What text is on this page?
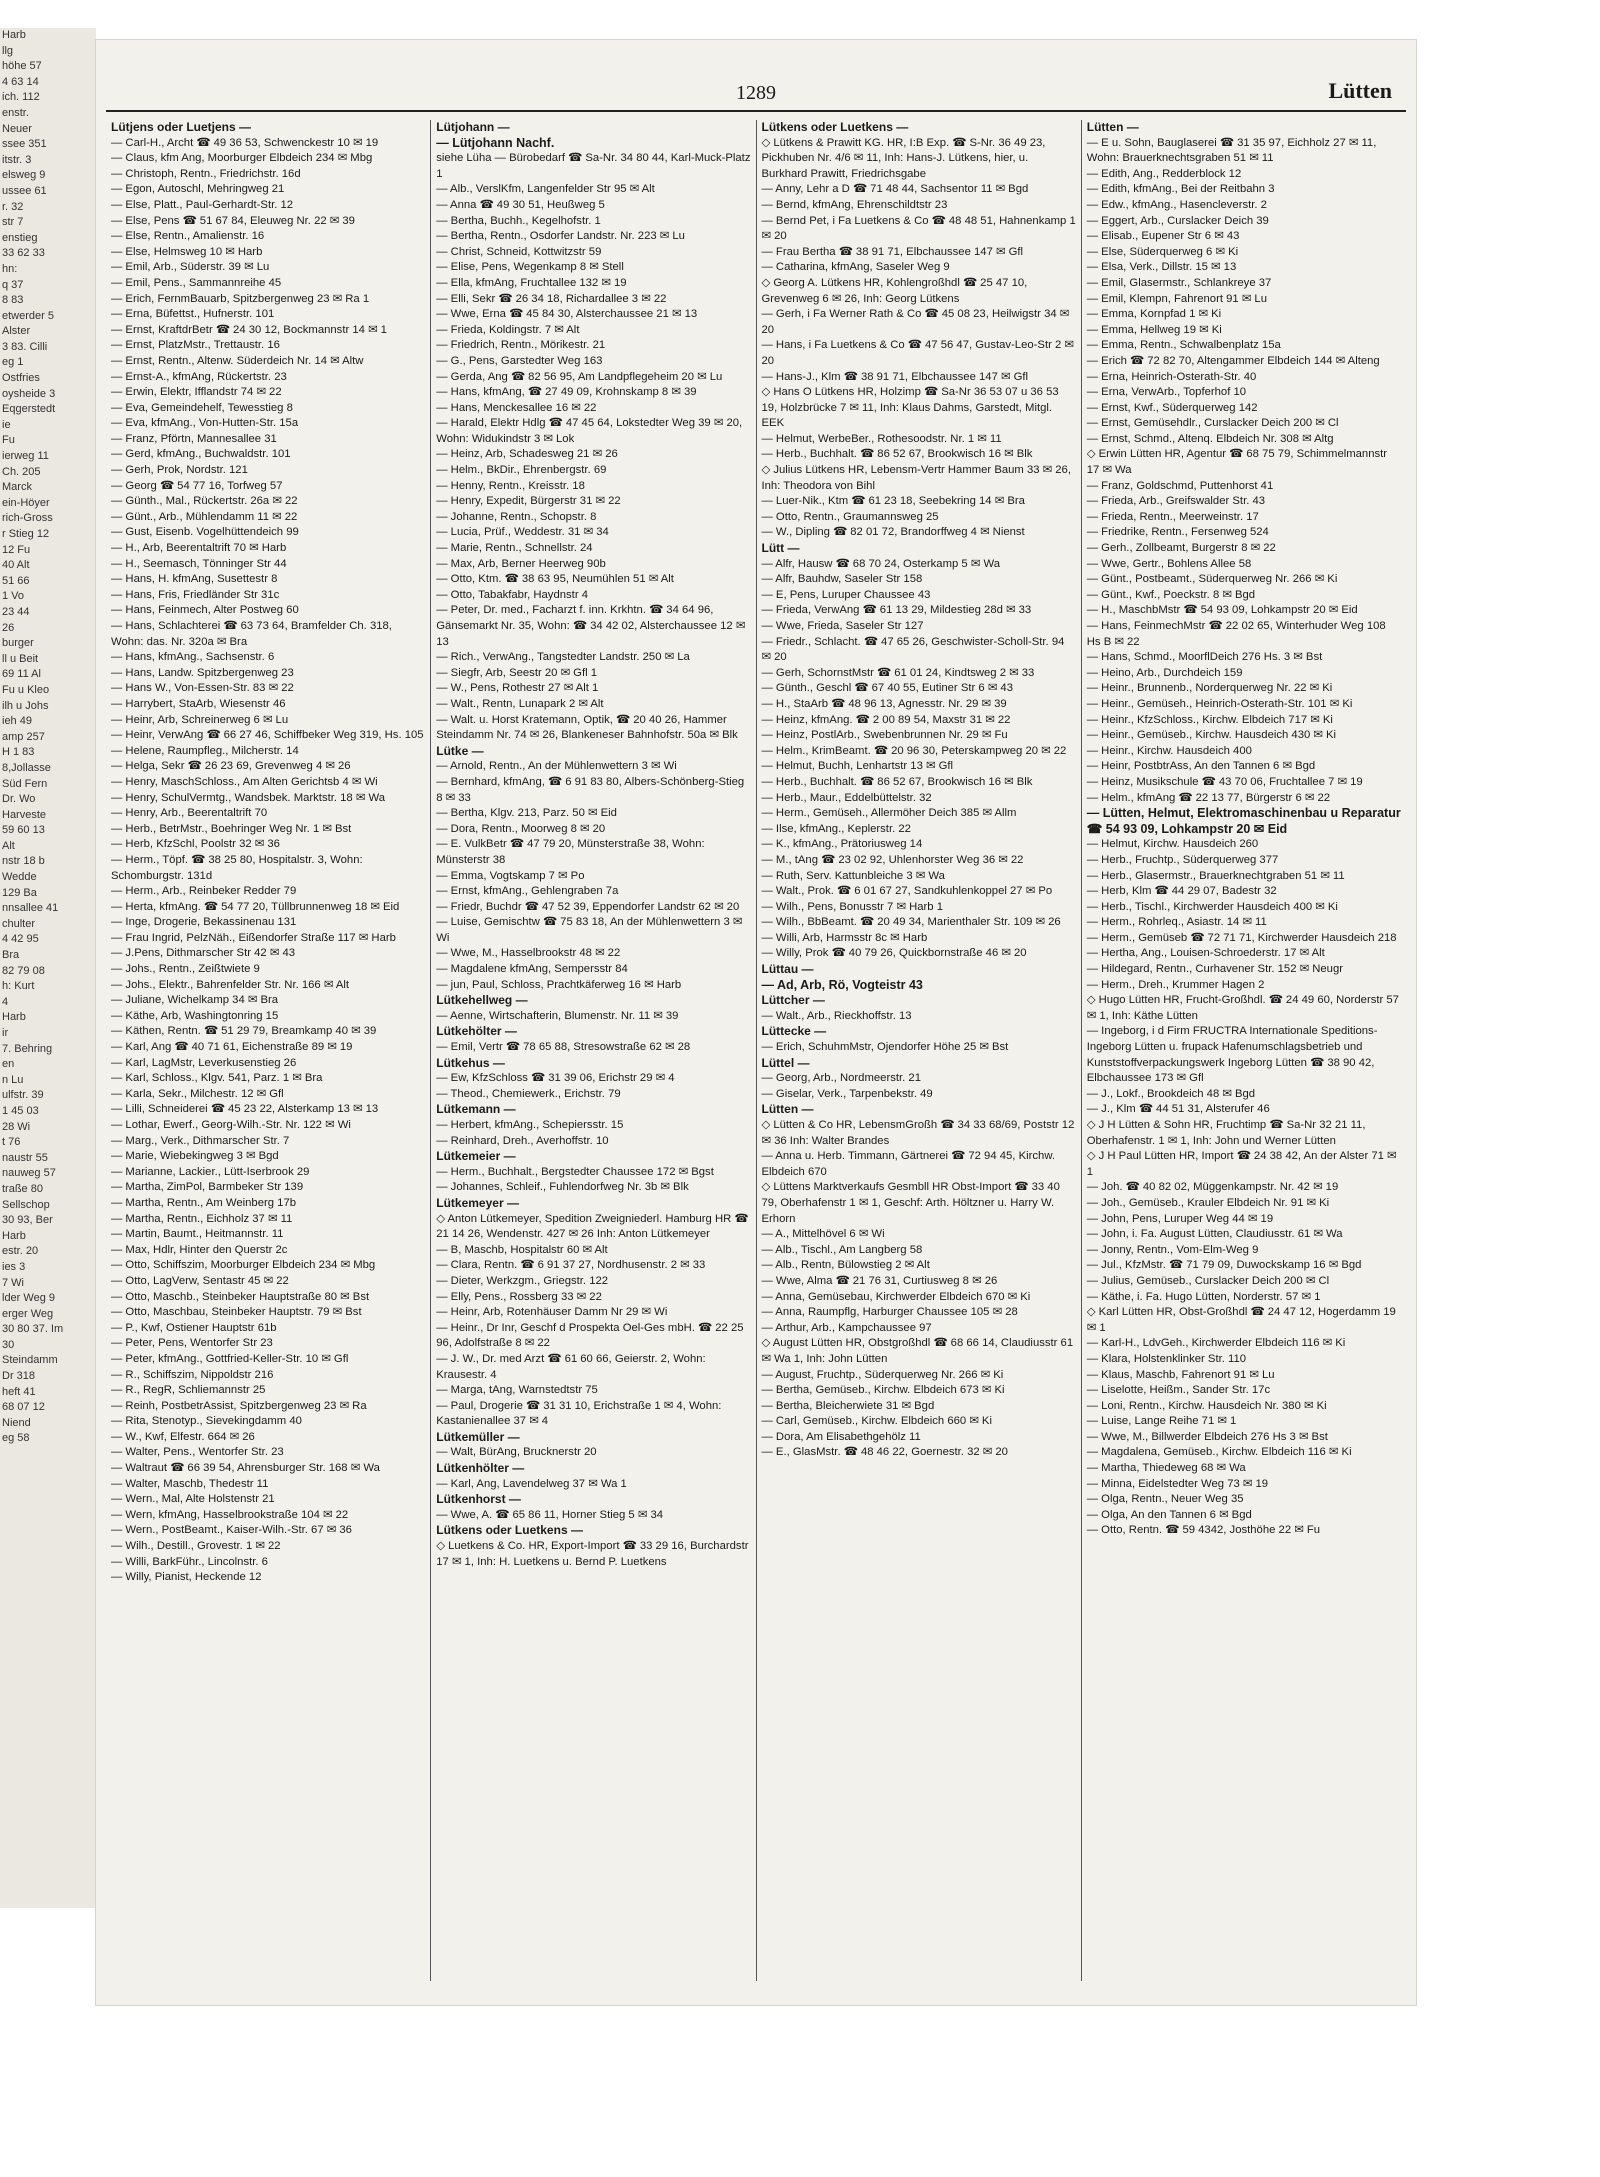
Harb
llg
höhe 57
4 63 14
ich. 112
enstr.
Neuer
ssee 351
itstr. 3
elsweg 9
ussee 61
r. 32
str 7
enstieg
33 62 33
hn:
q 37
8 83
etwerder 5
Alster
3 83. Cilli
eg 1
Ostfries
oysheide 3
Eqgerstedt
ie
Fu
ierweg 11
Ch. 205
Marck
ein-Höyer
rich-Gross
r Stieg 12
12 Fu
40 Alt
51 66
1 Vo
23 44
26
burger
ll u Beit
69 11 Al
Fu u Kleo
ilh u Johs
ieh 49
amp 257
H 1 83
8,Jollasse
Süd Fern
Dr. Wo
Harveste
59 60 13
Alt
nstr 18 b
Wedde
129 Ba
nnsallee 41
chulter
4 42 95
Bra
82 79 08
h: Kurt
4
Harb
ir
7. Behring
en
n Lu
ulfstr. 39
1 45 03
28 Wi
t 76
naustr 55
nauweg 57
traße 80
Sellschop
30 93, Ber
Harb
estr. 20
ies 3
7 Wi
lder Weg 9
erger Weg
30 80 37. Im
30
Steindamm
Dr 318
heft 41
68 07 12
Niend
eg 58
1289	Lütten
Lütjens oder Luetjens —
— Carl-H., Archt ☎ 49 36 53, Schwenckestr 10 ✉ 19
— Claus, kfm Ang, Moorburger Elbdeich 234 ✉ Mbg
— Christoph, Rentn., Friedrichstr. 16d
— Egon, Autoschl, Mehringweg 21
— Else, Platt., Paul-Gerhardt-Str. 12
— Else, Pens ☎ 51 67 84, Eleuweg Nr. 22 ✉ 39
— Else, Rentn., Amalienstr. 16
— Else, Helmsweg 10 ✉ Harb
— Emil, Arb., Süderstr. 39 ✉ Lu
— Emil, Pens., Sammannreihe 45
— Erich, FernmBauarb, Spitzbergenweg 23 ✉ Ra 1
— Erna, Büfettst., Hufnerstr. 101
— Ernst, KraftdrBetr ☎ 24 30 12, Bockmannstr 14 ✉ 1
— Ernst, PlatzMstr., Trettaustr. 16
— Ernst, Rentn., Altenw. Süderdeich Nr. 14 ✉ Altw
— Ernst-A., kfmAng, Rückertstr. 23
— Erwin, Elektr, Ifflandstr 74 ✉ 22
— Eva, Gemeindehelf, Tewesstieg 8
— Eva, kfmAng., Von-Hutten-Str. 15a
— Franz, Pförtn, Mannesallee 31
— Gerd, kfmAng., Buchwaldstr. 101
— Gerh, Prok, Nordstr. 121
— Georg ☎ 54 77 16, Torfweg 57
— Günth., Mal., Rückertstr. 26a ✉ 22
— Günt., Arb., Mühlendamm 11 ✉ 22
— Gust, Eisenb. Vogelhüttendeich 99
— H., Arb, Beerentaltrift 70 ✉ Harb
— H., Seemasch, Tönninger Str 44
— Hans, H. kfmAng, Susettestr 8
— Hans, Fris, Friedländer Str 31c
— Hans, Feinmech, Alter Postweg 60
— Hans, Schlachterei ☎ 63 73 64, Bramfelder Ch. 318, Wohn: das. Nr. 320a ✉ Bra
— Hans, kfmAng., Sachsenstr. 6
— Hans, Landw. Spitzbergenweg 23
— Hans W., Von-Essen-Str. 83 ✉ 22
— Harrybert, StaArb, Wiesenstr 46
— Heinr, Arb, Schreinerweg 6 ✉ Lu
— Heinr, VerwAng ☎ 66 27 46, Schiffbeker Weg 319, Hs. 105
— Helene, Raumpfleg., Milcherstr. 14
— Helga, Sekr ☎ 26 23 69, Grevenweg 4 ✉ 26
— Henry, MaschSchloss., Am Alten Gerichtsb 4 ✉ Wi
— Henry, SchulVermtg., Wandsbek. Marktstr. 18 ✉ Wa
— Henry, Arb., Beerentaltrift 70
— Herb., BetrMstr., Boehringer Weg Nr. 1 ✉ Bst
— Herb, KfzSchl, Poolstr 32 ✉ 36
— Herm., Töpf. ☎ 38 25 80, Hospitalstr. 3, Wohn: Schomburgstr. 131d
— Herm., Arb., Reinbeker Redder 79
— Herta, kfmAng. ☎ 54 77 20, Tüllbrunnenweg 18 ✉ Eid
— Inge, Drogerie, Bekassinenau 131
— Frau Ingrid, PelzNäh., Eißendorfer Straße 117 ✉ Harb
— J.Pens, Dithmarscher Str 42 ✉ 43
— Johs., Rentn., Zeißtwiete 9
— Johs., Elektr., Bahrenfelder Str. Nr. 166 ✉ Alt
— Juliane, Wichelkamp 34 ✉ Bra
— Käthe, Arb, Washingtonring 15
— Käthen, Rentn. ☎ 51 29 79, Breamkamp 40 ✉ 39
— Karl, Ang ☎ 40 71 61, Eichenstraße 89 ✉ 19
— Karl, LagMstr, Leverkusenstieg 26
— Karl, Schloss., Klgv. 541, Parz. 1 ✉ Bra
— Karla, Sekr., Milchestr. 12 ✉ Gfl
— Lilli, Schneiderei ☎ 45 23 22, Alsterkamp 13 ✉ 13
— Lothar, Ewerf., Georg-Wilh.-Str. Nr. 122 ✉ Wi
— Marg., Verk., Dithmarscher Str. 7
— Marie, Wiebekingweg 3 ✉ Bgd
— Marianne, Lackier., Lütt-Iserbrook 29
— Martha, ZimPol, Barmbeker Str 139
— Martha, Rentn., Am Weinberg 17b
— Martha, Rentn., Eichholz 37 ✉ 11
— Martin, Baumt., Heitmannstr. 11
— Max, Hdlr, Hinter den Querstr 2c
— Otto, Schiffszim, Moorburger Elbdeich 234 ✉ Mbg
— Otto, LagVerw, Sentastr 45 ✉ 22
— Otto, Maschb., Steinbeker Hauptstraße 80 ✉ Bst
— Otto, Maschbau, Steinbeker Hauptstr. 79 ✉ Bst
— P., Kwf, Ostiener Hauptstr 61b
— Peter, Pens, Wentorfer Str 23
— Peter, kfmAng., Gottfried-Keller-Str. 10 ✉ Gfl
— R., Schiffszim, Nippoldstr 216
— R., RegR, Schliemannstr 25
— Reinh, PostbetrAssist, Spitzbergenweg 23 ✉ Ra
— Rita, Stenotyp., Sievekingdamm 40
— W., Kwf, Elfestr. 664 ✉ 26
— Walter, Pens., Wentorfer Str. 23
— Waltraut ☎ 66 39 54, Ahrensburger Str. 168 ✉ Wa
— Walter, Maschb, Thedestr 11
— Wern., Mal, Alte Holstenstr 21
— Wern, kfmAng, Hasselbrookstraße 104 ✉ 22
— Wern., PostBeamt., Kaiser-Wilh.-Str. 67 ✉ 36
— Wilh., Destill., Grovestr. 1 ✉ 22
— Willi, BarkFühr., Lincolnstr. 6
— Willy, Pianist, Heckende 12
Lütjohann —
— Lütjohann Nachf.
siehe Lüha — Bürobedarf ☎ Sa-Nr. 34 80 44, Karl-Muck-Platz 1
— Alb., VerslKfm, Langenfelder Str 95 ✉ Alt
— Anna ☎ 49 30 51, Heußweg 5
— Bertha, Buchh., Kegelhofstr. 1
— Bertha, Rentn., Osdorfer Landstr. Nr. 223 ✉ Lu
— Christ, Schneid, Kottwitzstr 59
— Elise, Pens, Wegenkamp 8 ✉ Stell
— Ella, kfmAng, Fruchtallee 132 ✉ 19
— Elli, Sekr ☎ 26 34 18, Richardallee 3 ✉ 22
— Wwe, Erna ☎ 45 84 30, Alsterchaussee 21 ✉ 13
— Frieda, Koldingstr. 7 ✉ Alt
— Friedrich, Rentn., Mörikestr. 21
— G., Pens, Garstedter Weg 163
— Gerda, Ang ☎ 82 56 95, Am Landpflegeheim 20 ✉ Lu
— Hans, kfmAng, ☎ 27 49 09, Krohnskamp 8 ✉ 39
— Hans, Menckesallee 16 ✉ 22
— Harald, Elektr Hdlg ☎ 47 45 64, Lokstedter Weg 39 ✉ 20, Wohn: Widukindstr 3 ✉ Lok
— Heinz, Arb, Schadesweg 21 ✉ 26
— Helm., BkDir., Ehrenbergstr. 69
— Henny, Rentn., Kreisstr. 18
— Henry, Expedit, Bürgerstr 31 ✉ 22
— Johanne, Rentn., Schopstr. 8
— Lucia, Prüf., Weddestr. 31 ✉ 34
— Marie, Rentn., Schnellstr. 24
— Max, Arb, Berner Heerweg 90b
— Otto, Ktm. ☎ 38 63 95, Neumühlen 51 ✉ Alt
— Otto, Tabakfabr, Haydnstr 4
— Peter, Dr. med., Facharzt f. inn. Krkhtn. ☎ 34 64 96, Gänsemarkt Nr. 35, Wohn: ☎ 34 42 02, Alsterchaussee 12 ✉ 13
— Rich., VerwAng., Tangstedter Landstr. 250 ✉ La
— Siegfr, Arb, Seestr 20 ✉ Gfl 1
— W., Pens, Rothestr 27 ✉ Alt 1
— Walt., Rentn, Lunapark 2 ✉ Alt
— Walt. u. Horst Kratemann, Optik, ☎ 20 40 26, Hammer Steindamm Nr. 74 ✉ 26, Blankeneser Bahnhofstr. 50a ✉ Blk
Lütke —
— Arnold, Rentn., An der Mühlenwettern 3 ✉ Wi
— Bernhard, kfmAng, ☎ 6 91 83 80, Albers-Schönberg-Stieg 8 ✉ 33
— Bertha, Klgv. 213, Parz. 50 ✉ Eid
— Dora, Rentn., Moorweg 8 ✉ 20
— E. VulkBetr ☎ 47 79 20, Münsterstraße 38, Wohn: Münsterstr 38
— Emma, Vogtskamp 7 ✉ Po
— Ernst, kfmAng., Gehlengraben 7a
— Friedr, Buchdr ☎ 47 52 39, Eppendorfer Landstr 62 ✉ 20
— Luise, Gemischtw ☎ 75 83 18, An der Mühlenwettern 3 ✉ Wi
— Wwe, M., Hasselbrookstr 48 ✉ 22
— Magdalene kfmAng, Sempersstr 84
— jun, Paul, Schloss, Prachtkäferweg 16 ✉ Harb
Lütkehellweg —
— Aenne, Wirtschafterin, Blumenstr. Nr. 11 ✉ 39
Lütkehölter —
— Emil, Vertr ☎ 78 65 88, Stresowstraße 62 ✉ 28
Lütkehus —
— Ew, KfzSchloss ☎ 31 39 06, Erichstr 29 ✉ 4
— Theod., Chemiewerk., Erichstr. 79
Lütkemann —
— Herbert, kfmAng., Schepiersstr. 15
— Reinhard, Dreh., Averhoffstr. 10
Lütkemeier —
— Herm., Buchhalt., Bergstedter Chaussee 172 ✉ Bgst
— Johannes, Schleif., Fuhlendorfweg Nr. 3b ✉ Blk
Lütkemeyer —
◇ Anton Lütkemeyer, Spedition Zweigniederl. Hamburg HR ☎ 21 14 26, Wendenstr. 427 ✉ 26 Inh: Anton Lütkemeyer
— B, Maschb, Hospitalstr 60 ✉ Alt
— Clara, Rentn. ☎ 6 91 37 27, Nordhusenstr. 2 ✉ 33
— Dieter, Werkzgm., Griegstr. 122
— Elly, Pens., Rossberg 33 ✉ 22
— Heinr, Arb, Rotenhäuser Damm Nr 29 ✉ Wi
— Heinr., Dr Inr, Geschf d Prospekta Oel-Ges mbH. ☎ 22 25 96, Adolfstraße 8 ✉ 22
— J. W., Dr. med Arzt ☎ 61 60 66, Geierstr. 2, Wohn: Krausestr. 4
— Marga, tAng, Warnstedtstr 75
— Paul, Drogerie ☎ 31 31 10, Erichstraße 1 ✉ 4, Wohn: Kastanienallee 37 ✉ 4
Lütkemüller —
— Walt, BürAng, Brucknerstr 20
Lütkenhölter —
— Karl, Ang, Lavendelweg 37 ✉ Wa 1
Lütkenhorst —
— Wwe, A. ☎ 65 86 11, Horner Stieg 5 ✉ 34
Lütkens oder Luetkens —
◇ Luetkens & Co. HR, Export-Import ☎ 33 29 16, Burchardstr 17 ✉ 1, Inh: H. Luetkens u. Bernd P. Luetkens
Lütkens oder Luetkens —
◇ Lütkens & Prawitt KG. HR, I:B Exp. ☎ S-Nr. 36 49 23, Pickhuben Nr. 4/6 ✉ 11, Inh: Hans-J. Lütkens, hier, u. Burkhard Prawitt, Friedrichsgabe
— Anny, Lehr a D ☎ 71 48 44, Sachsentor 11 ✉ Bgd
— Bernd, kfmAng, Ehrenschildtstr 23
— Bernd Pet, i Fa Luetkens & Co ☎ 48 48 51, Hahnenkamp 1 ✉ 20
— Frau Bertha ☎ 38 91 71, Elbchaussee 147 ✉ Gfl
— Catharina, kfmAng, Saseler Weg 9
◇ Georg A. Lütkens HR, Kohlengroßhdl ☎ 25 47 10, Grevenweg 6 ✉ 26, Inh: Georg Lütkens
— Gerh, i Fa Werner Rath & Co ☎ 45 08 23, Heilwigstr 34 ✉ 20
— Hans, i Fa Luetkens & Co ☎ 47 56 47, Gustav-Leo-Str 2 ✉ 20
— Hans-J., Klm ☎ 38 91 71, Elbchaussee 147 ✉ Gfl
◇ Hans O Lütkens HR, Holzimp ☎ Sa-Nr 36 53 07 u 36 53 19, Holzbrücke 7 ✉ 11, Inh: Klaus Dahms, Garstedt, Mitgl. EEK
— Helmut, WerbeBer., Rothesoodstr. Nr. 1 ✉ 11
— Herb., Buchhalt. ☎ 86 52 67, Brookwisch 16 ✉ Blk
◇ Julius Lütkens HR, Lebensm-Vertr Hammer Baum 33 ✉ 26, Inh: Theodora von Bihl
— Luer-Nik., Ktm ☎ 61 23 18, Seebekring 14 ✉ Bra
— Otto, Rentn., Graumannsweg 25
— W., Dipling ☎ 82 01 72, Brandorffweg 4 ✉ Nienst
Lütt —
— Alfr, Hausw ☎ 68 70 24, Osterkamp 5 ✉ Wa
— Alfr, Bauhdw, Saseler Str 158
— E, Pens, Luruper Chaussee 43
— Frieda, VerwAng ☎ 61 13 29, Mildestieg 28d ✉ 33
— Wwe, Frieda, Saseler Str 127
— Friedr., Schlacht. ☎ 47 65 26, Geschwister-Scholl-Str. 94 ✉ 20
— Gerh, SchornstMstr ☎ 61 01 24, Kindtsweg 2 ✉ 33
— Günth., Geschl ☎ 67 40 55, Eutiner Str 6 ✉ 43
— H., StaArb ☎ 48 96 13, Agnesstr. Nr. 29 ✉ 39
— Heinz, kfmAng. ☎ 2 00 89 54, Maxstr 31 ✉ 22
— Heinz, PostlArb., Swebenbrunnen Nr. 29 ✉ Fu
— Helm., KrimBeamt. ☎ 20 96 30, Peterskampweg 20 ✉ 22
— Helmut, Buchh, Lenhartstr 13 ✉ Gfl
— Herb., Buchhalt. ☎ 86 52 67, Brookwisch 16 ✉ Blk
— Herb., Maur., Eddelbüttelstr. 32
— Herm., Gemüseh., Allermöher Deich 385 ✉ Allm
— Ilse, kfmAng., Keplerstr. 22
— K., kfmAng., Prätoriusweg 14
— M., tAng ☎ 23 02 92, Uhlenhorster Weg 36 ✉ 22
— Ruth, Serv. Kattunbleiche 3 ✉ Wa
— Walt., Prok. ☎ 6 01 67 27, Sandkuhlenkoppel 27 ✉ Po
— Wilh., Pens, Bonusstr 7 ✉ Harb 1
— Wilh., BbBeamt. ☎ 20 49 34, Marienthaler Str. 109 ✉ 26
— Willi, Arb, Harmsstr 8c ✉ Harb
— Willy, Prok ☎ 40 79 26, Quickbornstraße 46 ✉ 20
Lüttau —
— Ad, Arb, Rö, Vogteistr 43
Lüttcher —
— Walt., Arb., Rieckhoffstr. 13
Lüttecke —
— Erich, SchuhmMstr, Ojendorfer Höhe 25 ✉ Bst
Lüttel —
— Georg, Arb., Nordmeerstr. 21
— Giselar, Verk., Tarpenbekstr. 49
Lütten —
◇ Lütten & Co HR, LebensmGroßh ☎ 34 33 68/69, Poststr 12 ✉ 36 Inh: Walter Brandes
— Anna u. Herb. Timmann, Gärtnerei ☎ 72 94 45, Kirchw. Elbdeich 670
◇ Lüttens Marktverkaufs Gesmbll HR Obst-Import ☎ 33 40 79, Oberhafenstr 1 ✉ 1, Geschf: Arth. Höltzner u. Harry W. Erhorn
— A., Mittelhövel 6 ✉ Wi
— Alb., Tischl., Am Langberg 58
— Alb., Rentn, Bülowstieg 2 ✉ Alt
— Wwe, Alma ☎ 21 76 31, Curtiusweg 8 ✉ 26
— Anna, Gemüsebau, Kirchwerder Elbdeich 670 ✉ Ki
— Anna, Raumpflg, Harburger Chaussee 105 ✉ 28
— Arthur, Arb., Kampchaussee 97
◇ August Lütten HR, Obstgroßhdl ☎ 68 66 14, Claudiusstr 61 ✉ Wa 1, Inh: John Lütten
— August, Fruchtp., Süderquerweg Nr. 266 ✉ Ki
— Bertha, Gemüseb., Kirchw. Elbdeich 673 ✉ Ki
— Bertha, Bleicherwiete 31 ✉ Bgd
— Carl, Gemüseb., Kirchw. Elbdeich 660 ✉ Ki
— Dora, Am Elisabethgehölz 11
— E., GlasMstr. ☎ 48 46 22, Goernestr. 32 ✉ 20
Lütten —
— E u. Sohn, Bauglaserei ☎ 31 35 97, Eichholz 27 ✉ 11, Wohn: Brauerknechtsgraben 51 ✉ 11
— Edith, Ang., Redderblock 12
— Edith, kfmAng., Bei der Reitbahn 3
— Edw., kfmAng., Hasencleverstr. 2
— Eggert, Arb., Curslacker Deich 39
— Elisab., Eupener Str 6 ✉ 43
— Else, Süderquerweg 6 ✉ Ki
— Elsa, Verk., Dillstr. 15 ✉ 13
— Emil, Glasermstr., Schlankreye 37
— Emil, Klempn, Fahrenort 91 ✉ Lu
— Emma, Kornpfad 1 ✉ Ki
— Emma, Hellweg 19 ✉ Ki
— Emma, Rentn., Schwalbenplatz 15a
— Erich ☎ 72 82 70, Altengammer Elbdeich 144 ✉ Alteng
— Erna, Heinrich-Osterath-Str. 40
— Erna, VerwArb., Topferhof 10
— Ernst, Kwf., Süderquerweg 142
— Ernst, Gemüsehdlr., Curslacker Deich 200 ✉ Cl
— Ernst, Schmd., Altenq. Elbdeich Nr. 308 ✉ Altg
◇ Erwin Lütten HR, Agentur ☎ 68 75 79, Schimmelmannstr 17 ✉ Wa
— Franz, Goldschmd, Puttenhorst 41
— Frieda, Arb., Greifswalder Str. 43
— Frieda, Rentn., Meerweinstr. 17
— Friedrike, Rentn., Fersenweg 524
— Gerh., Zollbeamt, Burgerstr 8 ✉ 22
— Wwe, Gertr., Bohlens Allee 58
— Günt., Postbeamt., Süderquerweg Nr. 266 ✉ Ki
— Günt., Kwf., Poeckstr. 8 ✉ Bgd
— H., MaschbMstr ☎ 54 93 09, Lohkampstr 20 ✉ Eid
— Hans, FeinmechMstr ☎ 22 02 65, Winterhuder Weg 108 Hs B ✉ 22
— Hans, Schmd., MoorflDeich 276 Hs. 3 ✉ Bst
— Heino, Arb., Durchdeich 159
— Heinr., Brunnenb., Norderquerweg Nr. 22 ✉ Ki
— Heinr., Gemüseh., Heinrich-Osterath-Str. 101 ✉ Ki
— Heinr., KfzSchloss., Kirchw. Elbdeich 717 ✉ Ki
— Heinr., Gemüseb., Kirchw. Hausdeich 430 ✉ Ki
— Heinr., Kirchw. Hausdeich 400
— Heinr, PostbtrAss, An den Tannen 6 ✉ Bgd
— Heinz, Musikschule ☎ 43 70 06, Fruchtallee 7 ✉ 19
— Helm., kfmAng ☎ 22 13 77, Bürgerstr 6 ✉ 22
— Lütten, Helmut, Elektromaschinenbau u Reparatur ☎ 54 93 09, Lohkampstr 20 ✉ Eid
— Helmut, Kirchw. Hausdeich 260
— Herb., Fruchtp., Süderquerweg 377
— Herb., Glasermstr., Brauerknechtgraben 51 ✉ 11
— Herb, Klm ☎ 44 29 07, Badestr 32
— Herb., Tischl., Kirchwerder Hausdeich 400 ✉ Ki
— Herm., Rohrleq., Asiastr. 14 ✉ 11
— Herm., Gemüseb ☎ 72 71 71, Kirchwerder Hausdeich 218
— Hertha, Ang., Louisen-Schroederstr. 17 ✉ Alt
— Hildegard, Rentn., Curhavener Str. 152 ✉ Neugr
— Herm., Dreh., Krummer Hagen 2
◇ Hugo Lütten HR, Frucht-Großhdl. ☎ 24 49 60, Norderstr 57 ✉ 1, Inh: Käthe Lütten
— Ingeborg, i d Firm FRUCTRA Internationale Speditions-Ingeborg Lütten u. frupack Hafenumschlagsbetrieb und Kunststoffverpackungswerk Ingeborg Lütten ☎ 38 90 42, Elbchaussee 173 ✉ Gfl
— J., Lokf., Brookdeich 48 ✉ Bgd
— J., Klm ☎ 44 51 31, Alsterufer 46
◇ J H Lütten & Sohn HR, Fruchtimp ☎ Sa-Nr 32 21 11, Oberhafenstr. 1 ✉ 1, Inh: John und Werner Lütten
◇ J H Paul Lütten HR, Import ☎ 24 38 42, An der Alster 71 ✉ 1
— Joh. ☎ 40 82 02, Müggenkampstr. Nr. 42 ✉ 19
— Joh., Gemüseb., Krauler Elbdeich Nr. 91 ✉ Ki
— John, Pens, Luruper Weg 44 ✉ 19
— John, i. Fa. August Lütten, Claudiusstr. 61 ✉ Wa
— Jonny, Rentn., Vom-Elm-Weg 9
— Jul., KfzMstr. ☎ 71 79 09, Duwockskamp 16 ✉ Bgd
— Julius, Gemüseb., Curslacker Deich 200 ✉ Cl
— Käthe, i. Fa. Hugo Lütten, Norderstr. 57 ✉ 1
◇ Karl Lütten HR, Obst-Großhdl ☎ 24 47 12, Hogerdamm 19 ✉ 1
— Karl-H., LdvGeh., Kirchwerder Elbdeich 116 ✉ Ki
— Klara, Holstenklinker Str. 110
— Klaus, Maschb, Fahrenort 91 ✉ Lu
— Liselotte, Heißm., Sander Str. 17c
— Loni, Rentn., Kirchw. Hausdeich Nr. 380 ✉ Ki
— Luise, Lange Reihe 71 ✉ 1
— Wwe, M., Billwerder Elbdeich 276 Hs 3 ✉ Bst
— Magdalena, Gemüseb., Kirchw. Elbdeich 116 ✉ Ki
— Martha, Thiedeweg 68 ✉ Wa
— Minna, Eidelstedter Weg 73 ✉ 19
— Olga, Rentn., Neuer Weg 35
— Olga, An den Tannen 6 ✉ Bgd
— Otto, Rentn. ☎ 59 4342, Josthöhe 22 ✉ Fu
